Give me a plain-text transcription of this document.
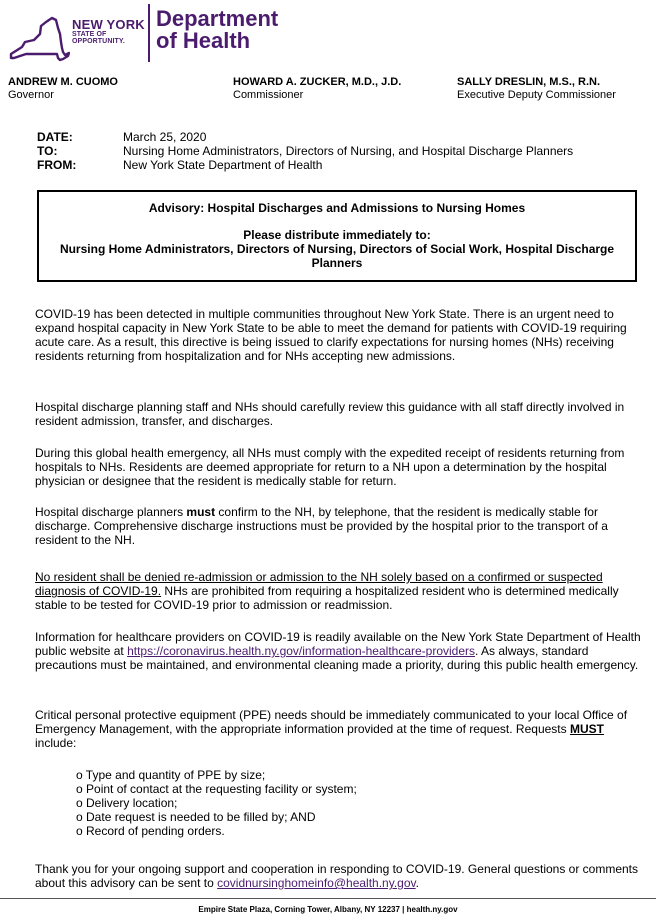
NEW YORK
STATE OF
OPPORTUNITY.
Department
of Health
ANDREW M. CUOMO
Governor
HOWARD A. ZUCKER, M.D., J.D.
Commissioner
SALLY DRESLIN, M.S., R.N.
Executive Deputy Commissioner
DATE:	March 25, 2020
TO:	Nursing Home Administrators, Directors of Nursing, and Hospital Discharge Planners
FROM:	New York State Department of Health
Advisory: Hospital Discharges and Admissions to Nursing Homes
Please distribute immediately to:
Nursing Home Administrators, Directors of Nursing, Directors of Social Work, Hospital Discharge Planners
COVID-19 has been detected in multiple communities throughout New York State. There is an urgent need to expand hospital capacity in New York State to be able to meet the demand for patients with COVID-19 requiring acute care. As a result, this directive is being issued to clarify expectations for nursing homes (NHs) receiving residents returning from hospitalization and for NHs accepting new admissions.
Hospital discharge planning staff and NHs should carefully review this guidance with all staff directly involved in resident admission, transfer, and discharges.
During this global health emergency, all NHs must comply with the expedited receipt of residents returning from hospitals to NHs. Residents are deemed appropriate for return to a NH upon a determination by the hospital physician or designee that the resident is medically stable for return.
Hospital discharge planners must confirm to the NH, by telephone, that the resident is medically stable for discharge. Comprehensive discharge instructions must be provided by the hospital prior to the transport of a resident to the NH.
No resident shall be denied re-admission or admission to the NH solely based on a confirmed or suspected diagnosis of COVID-19. NHs are prohibited from requiring a hospitalized resident who is determined medically stable to be tested for COVID-19 prior to admission or readmission.
Information for healthcare providers on COVID-19 is readily available on the New York State Department of Health public website at https://coronavirus.health.ny.gov/information-healthcare-providers. As always, standard precautions must be maintained, and environmental cleaning made a priority, during this public health emergency.
Critical personal protective equipment (PPE) needs should be immediately communicated to your local Office of Emergency Management, with the appropriate information provided at the time of request. Requests MUST include:
o Type and quantity of PPE by size;
o Point of contact at the requesting facility or system;
o Delivery location;
o Date request is needed to be filled by; AND
o Record of pending orders.
Thank you for your ongoing support and cooperation in responding to COVID-19. General questions or comments about this advisory can be sent to covidnursinghomeinfo@health.ny.gov.
Empire State Plaza, Corning Tower, Albany, NY 12237 | health.ny.gov
